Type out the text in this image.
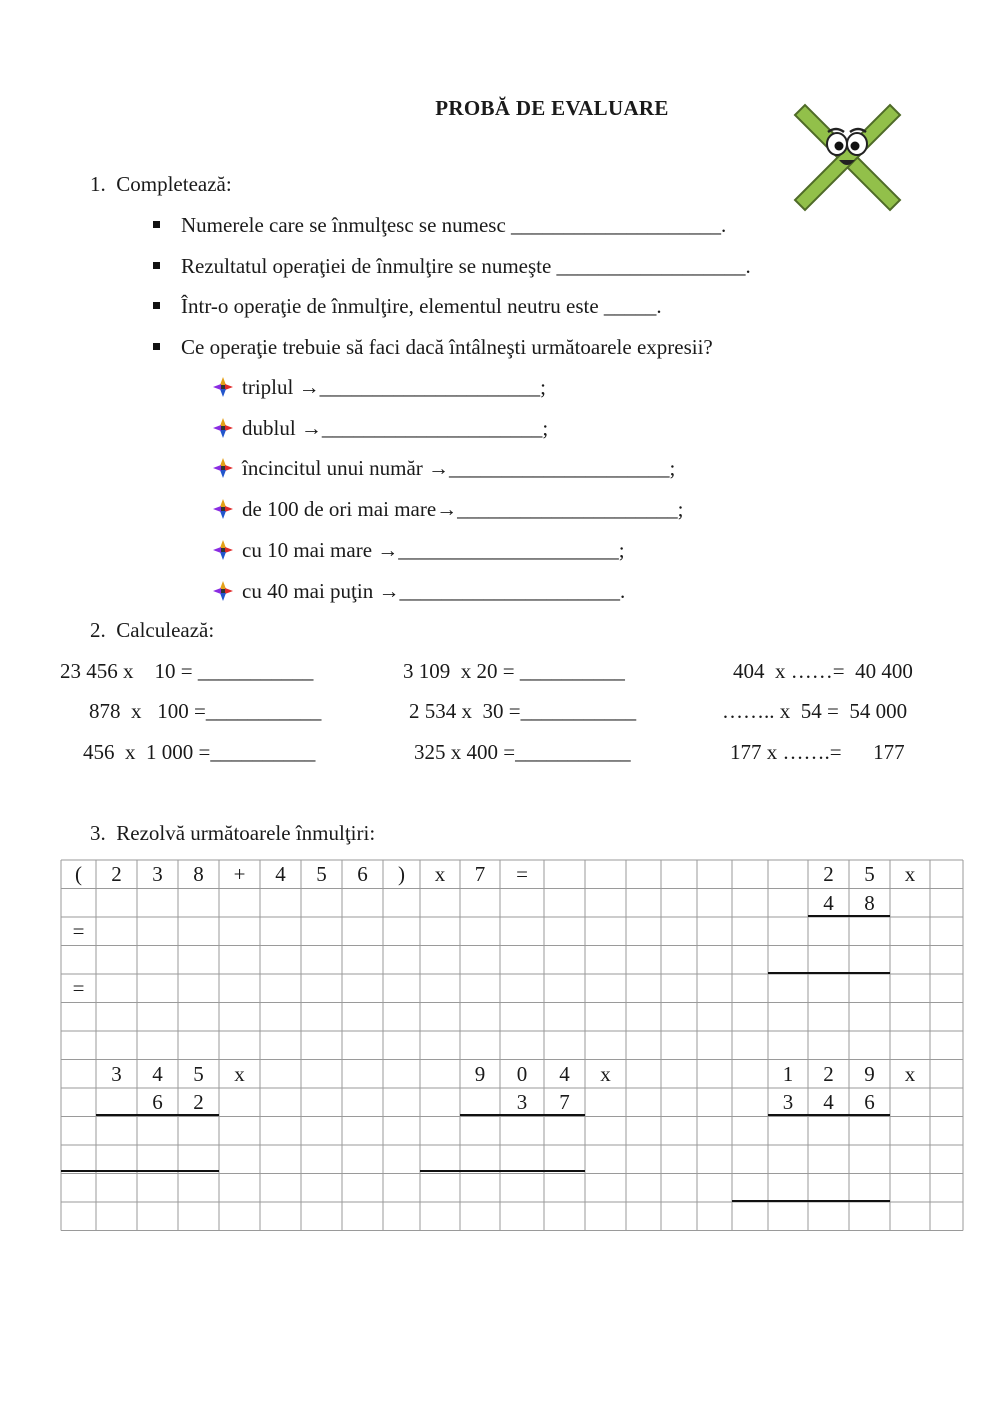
PROBĂ DE EVALUARE
1.  Completează:
Numerele care se înmulţesc se numesc ____________________.
Rezultatul operaţiei de înmulţire se numeşte __________________.
Într-o operaţie de înmulţire, elementul neutru este _____.
Ce operaţie trebuie să faci dacă întâlneşti următoarele expresii?
triplul →_____________________;
dublul →_____________________;
încincitul unui număr →_____________________;
de 100 de ori mai mare→_____________________;
cu 10 mai mare →_____________________;
cu 40 mai puţin →_____________________.
2.  Calculează:
23 456 x    10 = ___________	3 109  x 20 = __________	404  x ……=  40 400
878  x   100 =___________	2 534 x  30 =___________	…….. x  54 =  54 000
456  x  1 000 =__________	325 x 400 =___________	177 x …….=      177
3.  Rezolvă următoarele înmulţiri:
(	2	3	8	+	4	5	6	)	x	7	=	2	5	x
4	8
=
=
3	4	5	x
6	2
9	0	4	x
3	7
1	2	9	x
3	4	6
